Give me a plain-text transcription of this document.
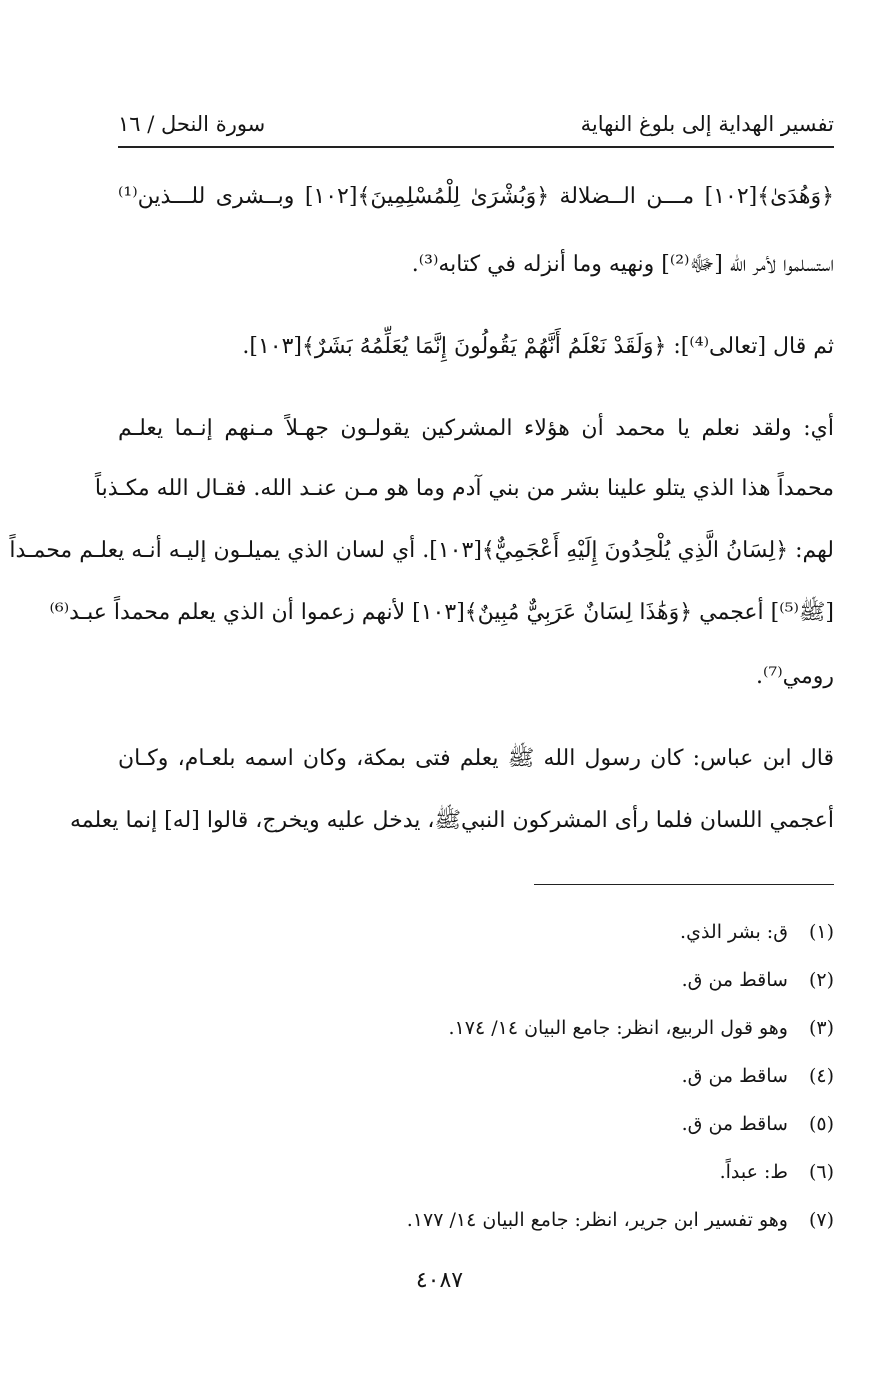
تفسير الهداية إلى بلوغ النهاية
سورة النحل / ١٦
﴿وَهُدَىٰ﴾[١٠٢] مـــن الــضلالة ﴿وَبُشْرَىٰ لِلْمُسْلِمِينَ﴾[١٠٢] وبــشرى للـــذين⁽¹⁾
استسلموا لأمر الله [ﷻ⁽²⁾] ونهيه وما أنزله في كتابه⁽³⁾.
ثم قال [تعالى⁽⁴⁾]: ﴿وَلَقَدْ نَعْلَمُ أَنَّهُمْ يَقُولُونَ إِنَّمَا يُعَلِّمُهُ بَشَرٌ﴾[١٠٣].
أي: ولقد نعلم يا محمد أن هؤلاء المشركين يقولـون جهـلاً مـنهم إنـما يعلـم
محمداً هذا الذي يتلو علينا بشر من بني آدم وما هو مـن عنـد الله. فقـال الله مكـذباً
لهم: ﴿لِسَانُ الَّذِي يُلْحِدُونَ إِلَيْهِ أَعْجَمِيٌّ﴾[١٠٣]. أي لسان الذي يميلـون إليـه أنـه يعلـم محمـداً
[ﷺ⁽⁵⁾] أعجمي ﴿وَهَٰذَا لِسَانٌ عَرَبِيٌّ مُبِينٌ﴾[١٠٣] لأنهم زعموا أن الذي يعلم محمداً عبـد⁽⁶⁾
رومي⁽⁷⁾.
قال ابن عباس: كان رسول الله ﷺ يعلم فتى بمكة، وكان اسمه بلعـام، وكـان
أعجمي اللسان فلما رأى المشركون النبيﷺ، يدخل عليه ويخرج، قالوا [له] إنما يعلمه
(١) ق: بشر الذي.
(٢) ساقط من ق.
(٣) وهو قول الربيع، انظر: جامع البيان ١٤/ ١٧٤.
(٤) ساقط من ق.
(٥) ساقط من ق.
(٦) ط: عبداً.
(٧) وهو تفسير ابن جرير، انظر: جامع البيان ١٤/ ١٧٧.
٤٠٨٧
